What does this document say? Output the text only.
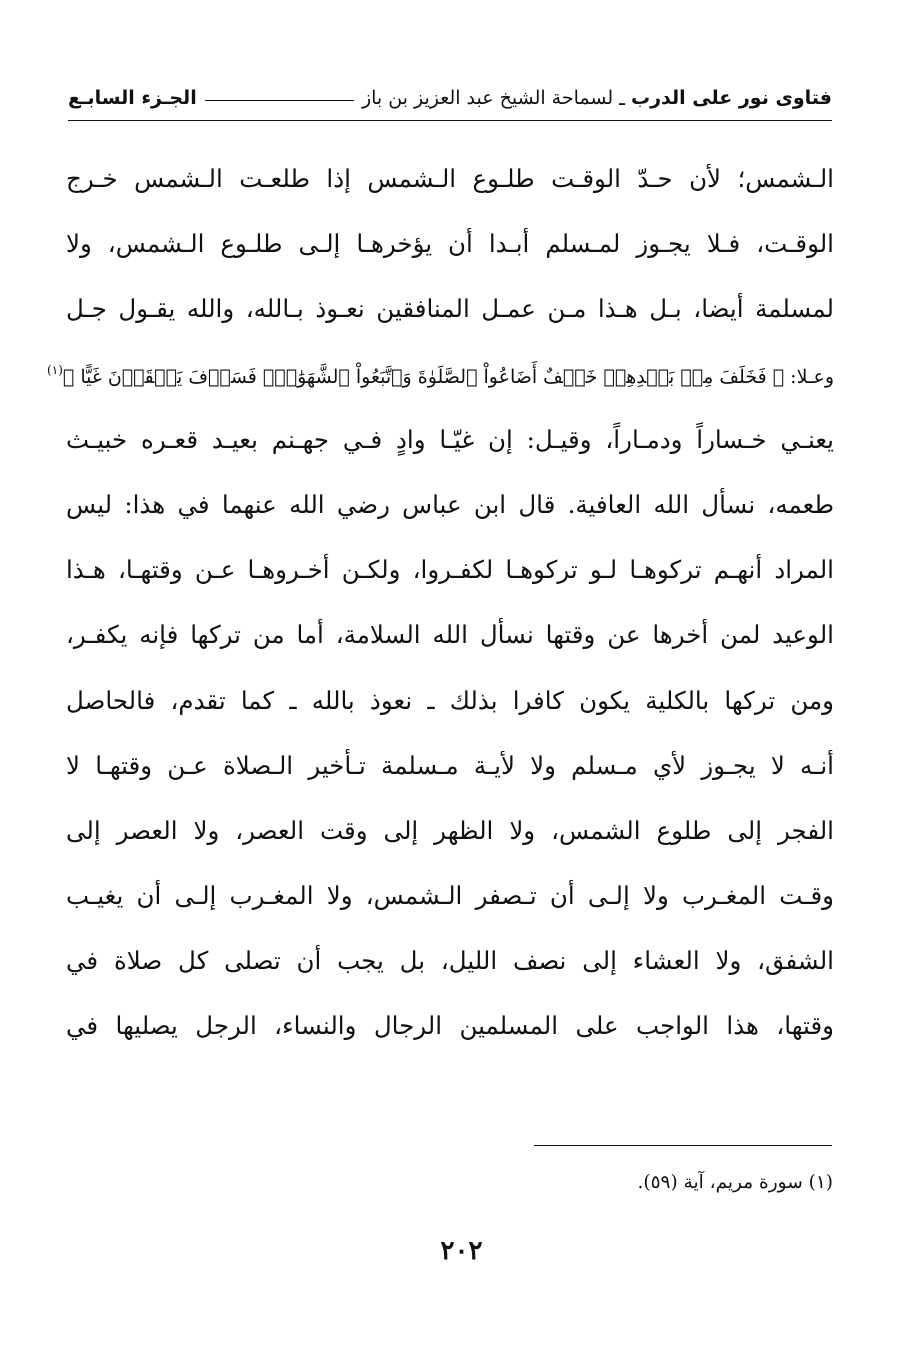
فتاوى نور على الدرب
ـ
لسماحة الشيخ عبد العزيز بن باز
الجـزء السابـع
الـشمس؛ لأن حـدّ الوقـت طلـوع الـشمس إذا طلعـت الـشمس خـرج
الوقـت، فـلا يجـوز لمـسلم أبـدا أن يؤخرهـا إلـى طلـوع الـشمس، ولا
لمسلمة أيضا، بـل هـذا مـن عمـل المنافقين نعـوذ بـالله، والله يقـول جـل
وعـلا: ﴿ فَخَلَفَ مِنۢ بَعۡدِهِمۡ خَلۡفٌ أَضَاعُواْ ٱلصَّلَوٰةَ وَٱتَّبَعُواْ ٱلشَّهَوَٰتِۖ فَسَوۡفَ يَلۡقَوۡنَ غَيًّا ﴾$^{(١)}$
يعنـي خـساراً ودمـاراً، وقيـل: إن غيّـا وادٍ فـي جهـنم بعيـد قعـره خبيـث
طعمه، نسأل الله العافية. قال ابن عباس رضي الله عنهما في هذا: ليس
المراد أنهـم تركوهـا لـو تركوهـا لكفـروا، ولكـن أخـروهـا عـن وقتهـا، هـذا
الوعيد لمن أخرها عن وقتها نسأل الله السلامة، أما من تركها فإنه يكفـر،
ومن تركها بالكلية يكون كافرا بذلك ـ نعوذ بالله ـ كما تقدم، فالحاصل
أنـه لا يجـوز لأي مـسلم ولا لأيـة مـسلمة تـأخير الـصلاة عـن وقتهـا لا
الفجر إلى طلوع الشمس، ولا الظهر إلى وقت العصر، ولا العصر إلى
وقـت المغـرب ولا إلـى أن تـصفر الـشمس، ولا المغـرب إلـى أن يغيـب
الشفق، ولا العشاء إلى نصف الليل، بل يجب أن تصلى كل صلاة في
وقتها، هذا الواجب على المسلمين الرجال والنساء، الرجل يصليها في
(١) سورة مريم، آية (٥٩).
٢٠٢
